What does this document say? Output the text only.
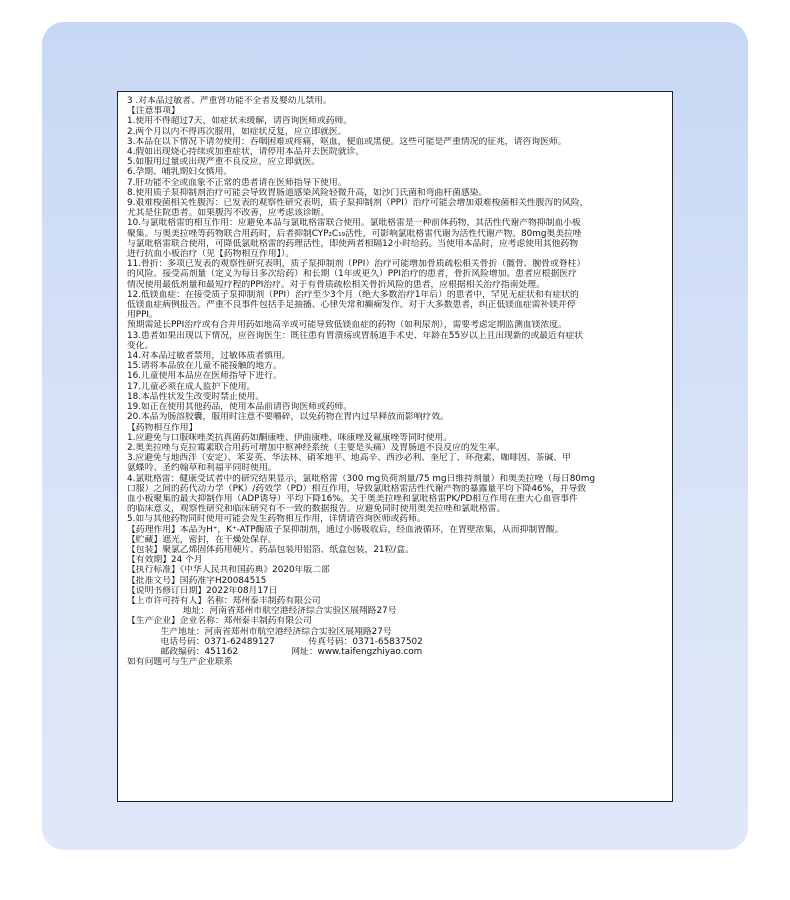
3 .对本品过敏者、严重肾功能不全者及婴幼儿禁用。
【注意事项】
1.使用不得超过7天，如症状未缓解，请咨询医师或药师。
2.两个月以内不得再次服用，如症状反复，应立即就医。
3.本品在以下情况下请勿使用：吞咽困难或疼痛，呕血，便血或黑便。这些可能是严重情况的征兆，请咨询医师。
4.假如出现烧心持续或加重症状，请停用本品并去医院就诊。
5.如服用过量或出现严重不良反应，应立即就医。
6.孕期、哺乳期妇女慎用。
7.肝功能不全或血象不正常的患者请在医师指导下使用。
8.使用质子泵抑制剂治疗可能会导致胃肠道感染风险轻微升高，如沙门氏菌和弯曲杆菌感染。
9.艰难梭菌相关性腹泻：已发表的观察性研究表明，质子泵抑制剂（PPI）治疗可能会增加艰难梭菌相关性腹泻的风险，
尤其是住院患者。如果腹泻不改善，应考虑该诊断。
10.与氯吡格雷的相互作用：应避免本品与氯吡格雷联合使用。氯吡格雷是一种前体药物，其活性代谢产物抑制血小板
聚集。与奥美拉唑等药物联合用药时，后者抑制CYP₂C₁₉活性，可影响氯吡格雷代谢为活性代谢产物。80mg奥美拉唑
与氯吡格雷联合使用，可降低氯吡格雷的药理活性，即使两者相隔12小时给药。当使用本品时，应考虑使用其他药物
进行抗血小板治疗（见【药物相互作用】）。
11.骨折：多项已发表的观察性研究表明，质子泵抑制剂（PPI）治疗可能增加骨质疏松相关骨折（髋骨、腕骨或脊柱）
的风险。接受高剂量（定义为每日多次给药）和长期（1年或更久）PPI治疗的患者，骨折风险增加。患者应根据医疗
情况使用最低剂量和最短疗程的PPI治疗。对于有骨质疏松相关骨折风险的患者，应根据相关治疗指南处理。
12.低镁血症：在接受质子泵抑制剂（PPI）治疗至少3个月（绝大多数治疗1年后）的患者中，罕见无症状和有症状的
低镁血症病例报告。严重不良事件包括手足抽搐、心律失常和癫痫发作。对于大多数患者，纠正低镁血症需补镁并停
用PPI。
预期需延长PPI治疗或有合并用药如地高辛或可能导致低镁血症的药物（如利尿剂），需要考虑定期监测血镁浓度。
13.患者如果出现以下情况，应咨询医生：既往患有胃溃疡或胃肠道手术史、年龄在55岁以上且出现新的或最近有症状
变化。
14.对本品过敏者禁用，过敏体质者慎用。
15.请将本品放在儿童不能接触的地方。
16.儿童使用本品应在医师指导下进行。
17.儿童必须在成人监护下使用。
18.本品性状发生改变时禁止使用。
19.如正在使用其他药品，使用本品前请咨询医师或药师。
20.本品为肠溶胶囊，服用时注意不要嚼碎，以免药物在胃内过早释放而影响疗效。
【药物相互作用】
1.应避免与口服咪唑类抗真菌药如酮康唑、伊曲康唑、咪康唑及氟康唑等同时使用。
2.奥美拉唑与克拉霉素联合用药可增加中枢神经系统（主要是头痛）及胃肠道不良反应的发生率。
3.应避免与地西泮（安定）、苯妥英、华法林、硝苯地平、地高辛、西沙必利、奎尼丁、环孢素、咖啡因、茶碱、甲
氨蝶呤、圣约翰草和利福平同时使用。
4.氯吡格雷：健康受试者中的研究结果显示，氯吡格雷（300 mg负荷剂量/75 mg日维持剂量）和奥美拉唑（每日80mg
口服）之间的药代动力学（PK）/药效学（PD）相互作用，导致氯吡格雷活性代谢产物的暴露量平均下降46%，并导致
血小板聚集的最大抑制作用（ADP诱导）平均下降16%。关于奥美拉唑和氯吡格雷PK/PD相互作用在重大心血管事件
的临床意义，观察性研究和临床研究有不一致的数据报告。应避免同时使用奥美拉唑和氯吡格雷。
5.如与其他药物同时使用可能会发生药物相互作用，详情请咨询医师或药师。
【药理作用】本品为H⁺，K⁺-ATP酶质子泵抑制剂，通过小肠吸收后，经血液循环，在胃壁浓集，从而抑制胃酸。
【贮藏】遮光，密封，在干燥处保存。
【包装】聚氯乙烯固体药用硬片、药品包装用铝箔、纸盒包装，21粒/盒。
【有效期】24 个月
【执行标准】《中华人民共和国药典》2020年版二部
【批准文号】国药准字H20084515
【说明书修订日期】2022年08月17日
【上市许可持有人】名称：郑州泰丰制药有限公司
地址：河南省郑州市航空港经济综合实验区展翔路27号
【生产企业】企业名称：郑州泰丰制药有限公司
生产地址：河南省郑州市航空港经济综合实验区展翔路27号
电话号码：0371-62489127            传真号码：0371-65837502
邮政编码：451162                   网址：www.taifengzhiyao.com
如有问题可与生产企业联系
